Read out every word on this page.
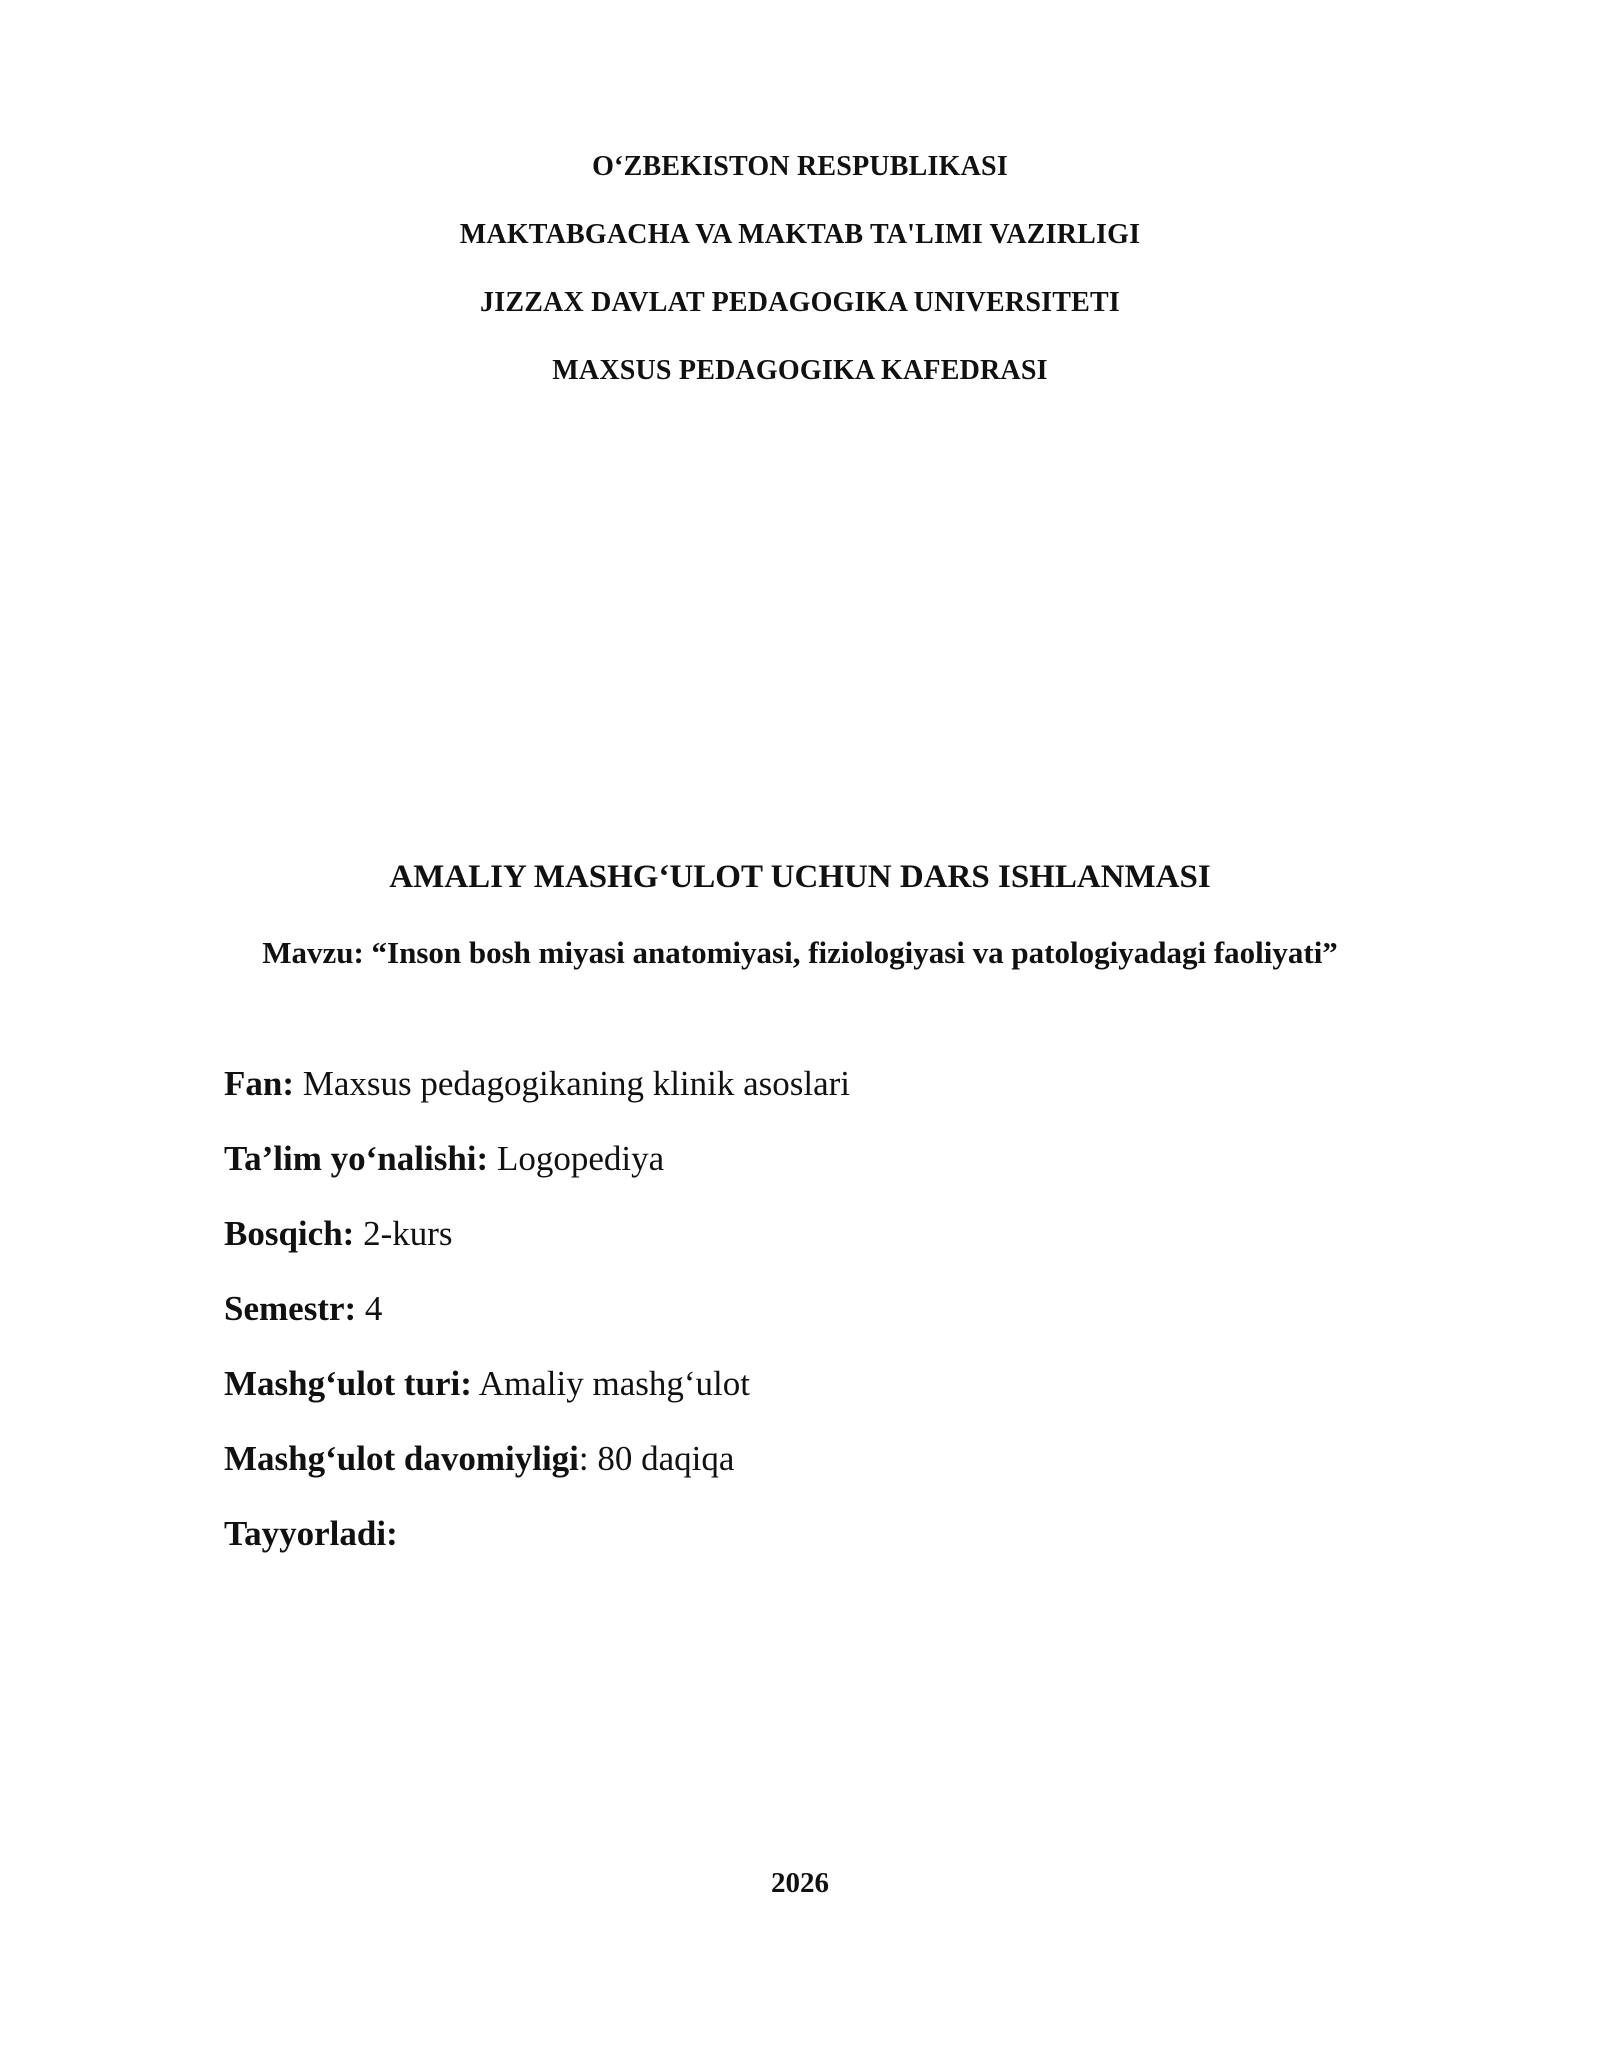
O‘ZBEKISTON RESPUBLIKASI
MAKTABGACHA VA MAKTAB TA'LIMI VAZIRLIGI
JIZZAX DAVLAT PEDAGOGIKA UNIVERSITETI
MAXSUS PEDAGOGIKA KAFEDRASI
AMALIY MASHG‘ULOT UCHUN DARS ISHLANMASI
Mavzu: “Inson bosh miyasi anatomiyasi, fiziologiyasi va patologiyadagi faoliyati”
Fan: Maxsus pedagogikaning klinik asoslari
Ta’lim yo‘nalishi: Logopediya
Bosqich: 2-kurs
Semestr: 4
Mashg‘ulot turi: Amaliy mashg‘ulot
Mashg‘ulot davomiyligi: 80 daqiqa
Tayyorladi:
2026
